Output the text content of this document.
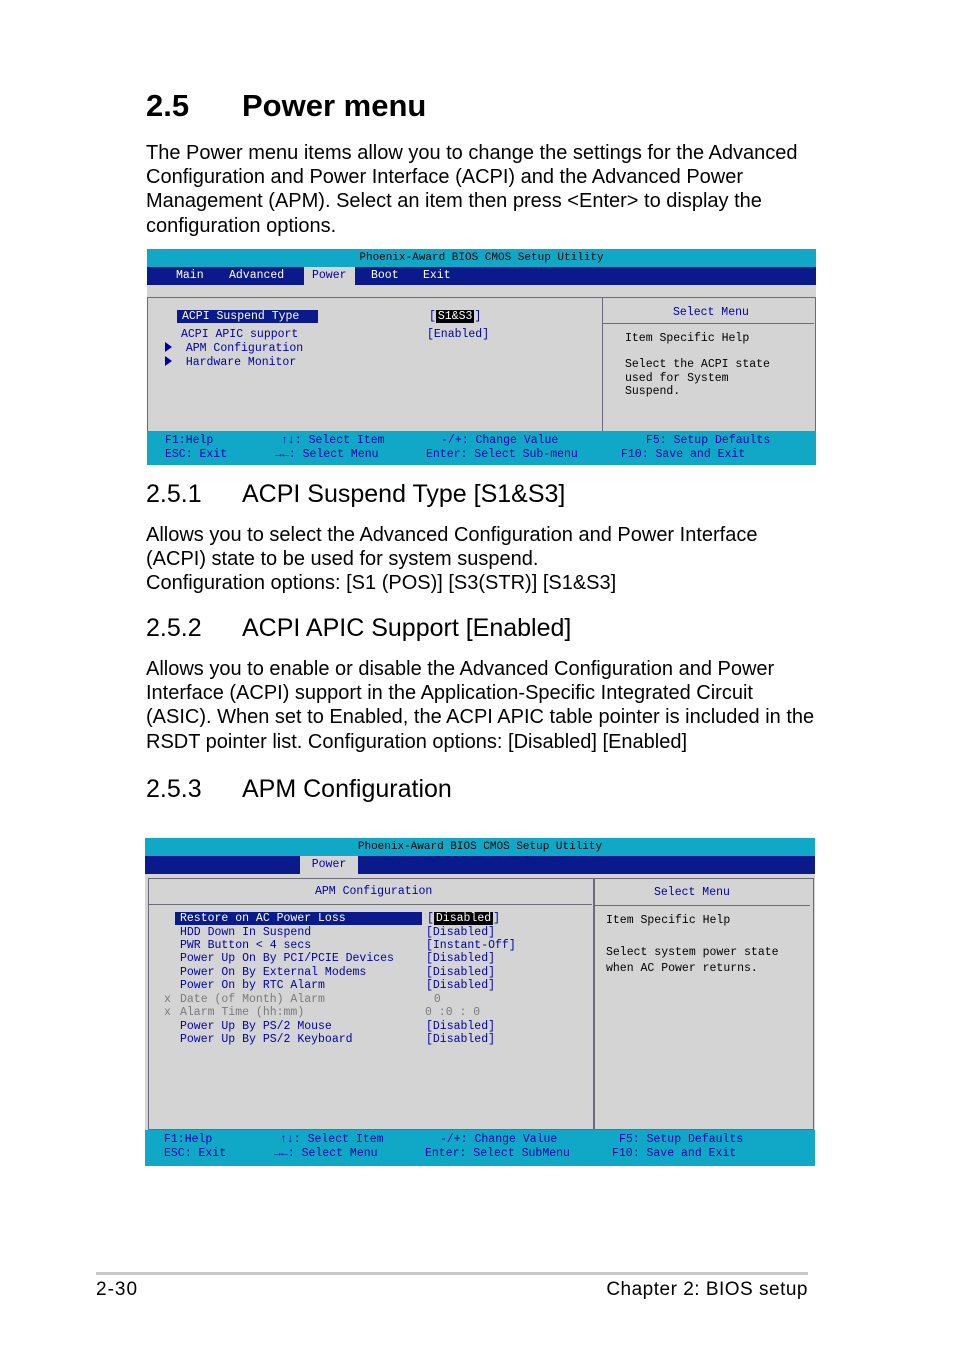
2.5 Power menu

The Power menu items allow you to change the settings for the Advanced
Configuration and Power Interface (ACPI) and the Advanced Power
Management (APM). Select an item then press <Enter> to display the
configuration options.

Phoenix-Award BIOS CMOS Setup Utility
Main Advanced	Power	Boot Exit
ACPI Suspend Type	[ S1&S3 ]
ACPI APIC support	[Enabled]
APM Configuration
Hardware Monitor
Select Menu
Item Specific Help
Select the ACPI state
used for System
Suspend.
F1:Help	↑↓: Select Item	-/+: Change Value	F5: Setup Defaults
ESC: Exit	→←: Select Menu	Enter: Select Sub-menu	F10: Save and Exit
2.5.1 ACPI Suspend Type [S1&S3]

Allows you to select the Advanced Configuration and Power Interface
(ACPI) state to be used for system suspend.
Configuration options: [S1 (POS)] [S3(STR)] [S1&S3]

2.5.2 ACPI APIC Support [Enabled]

Allows you to enable or disable the Advanced Configuration and Power
Interface (ACPI) support in the Application-Specific Integrated Circuit
(ASIC). When set to Enabled, the ACPI APIC table pointer is included in the
RSDT pointer list. Configuration options: [Disabled] [Enabled]

2.5.3 APM Configuration
Phoenix-Award BIOS CMOS Setup Utility
Power
APM Configuration
Restore on AC Power Loss	[ Disabled ]
HDD Down In Suspend	[Disabled]
PWR Button < 4 secs	[Instant-Off]
Power Up On By PCI/PCIE Devices	[Disabled]
Power On By External Modems	[Disabled]
Power On by RTC Alarm	[Disabled]
x Date (of Month) Alarm	0
x Alarm Time (hh:mm)	0 :0 : 0
Power Up By PS/2 Mouse	[Disabled]
Power Up By PS/2 Keyboard	[Disabled]
Select Menu
Item Specific Help
Select system power state
when AC Power returns.
F1:Help	↑↓: Select Item	-/+: Change Value	F5: Setup Defaults
ESC: Exit	→←: Select Menu	Enter: Select SubMenu	F10: Save and Exit
2-30	Chapter 2: BIOS setup
